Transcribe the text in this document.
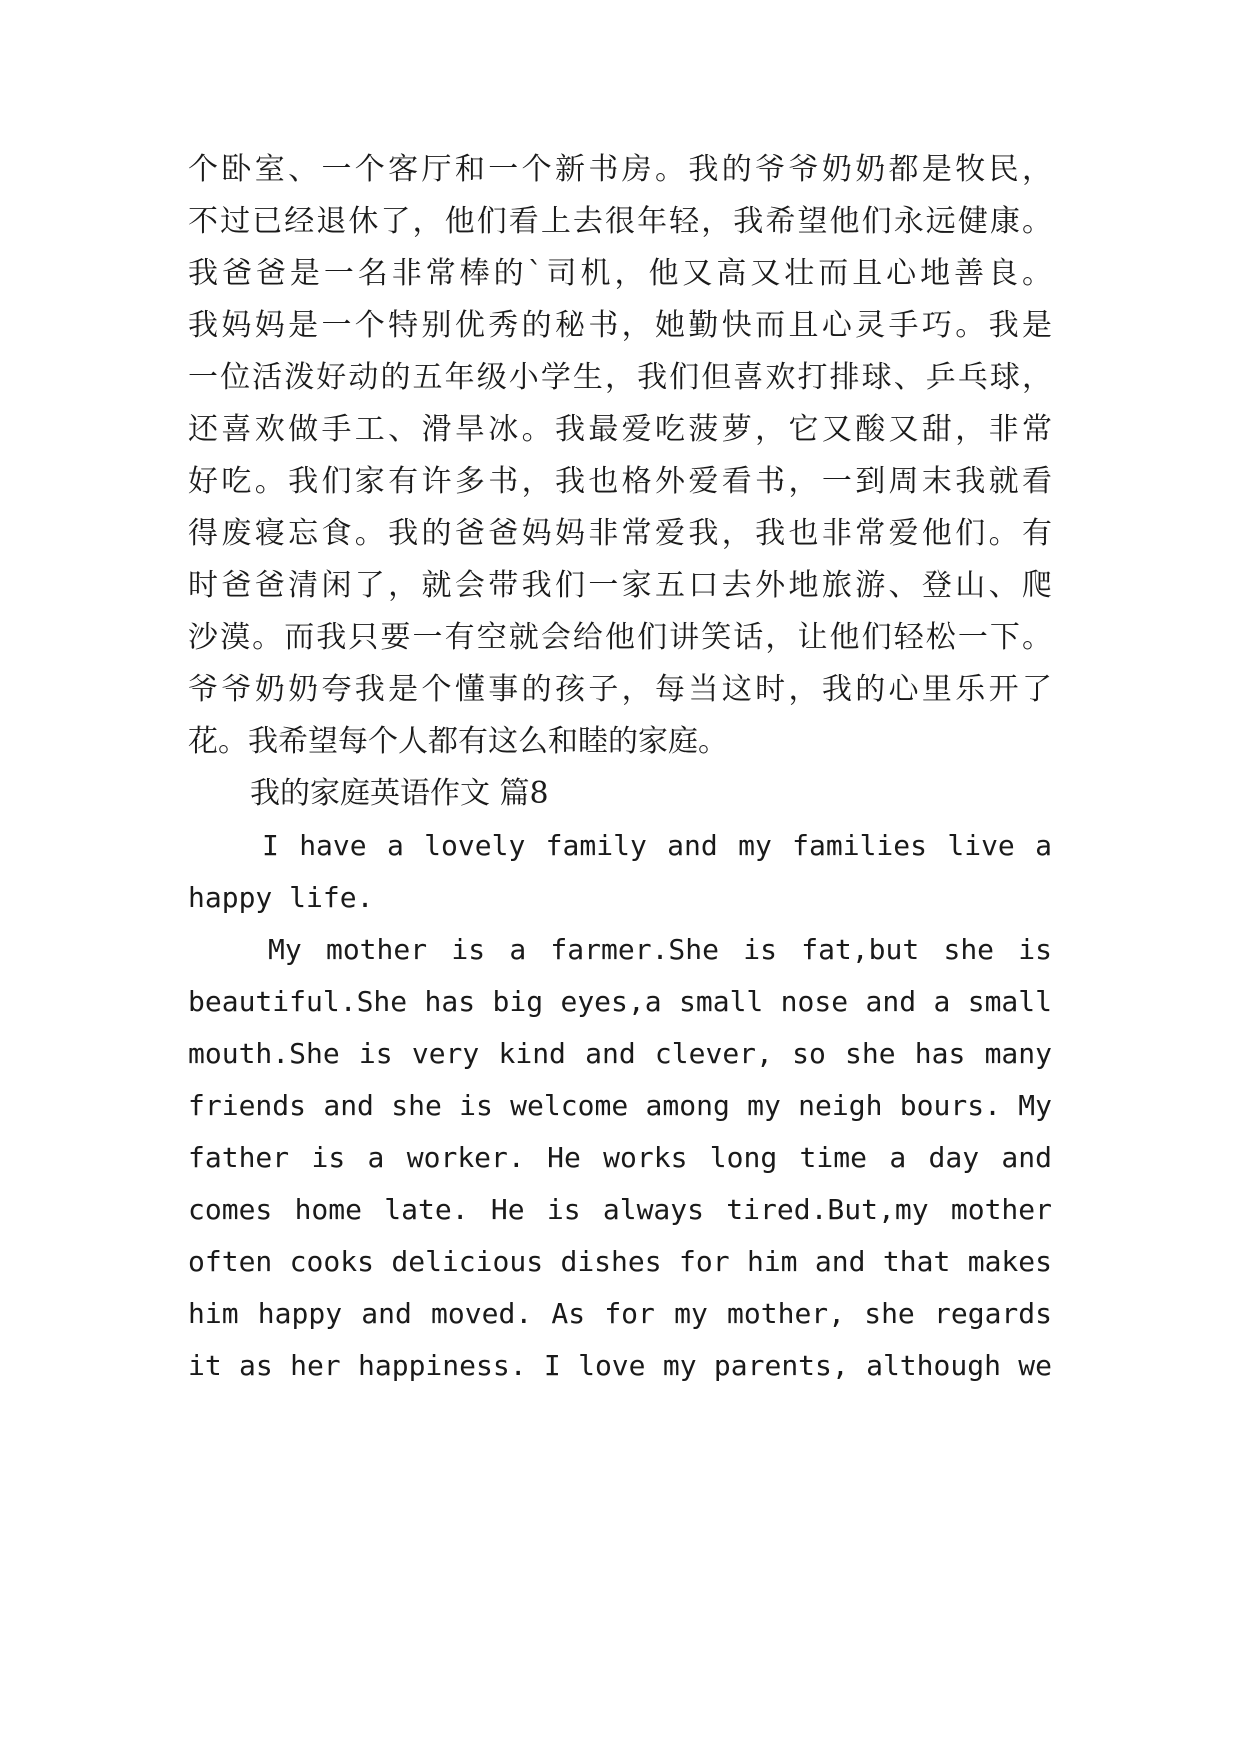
个卧室、一个客厅和一个新书房。我的爷爷奶奶都是牧民，
不过已经退休了，他们看上去很年轻，我希望他们永远健康。
我爸爸是一名非常棒的`司机，他又高又壮而且心地善良。
我妈妈是一个特别优秀的秘书，她勤快而且心灵手巧。我是
一位活泼好动的五年级小学生，我们但喜欢打排球、乒乓球，
还喜欢做手工、滑旱冰。我最爱吃菠萝，它又酸又甜，非常
好吃。我们家有许多书，我也格外爱看书，一到周末我就看
得废寝忘食。我的爸爸妈妈非常爱我，我也非常爱他们。有
时爸爸清闲了，就会带我们一家五口去外地旅游、登山、爬
沙漠。而我只要一有空就会给他们讲笑话，让他们轻松一下。
爷爷奶奶夸我是个懂事的孩子，每当这时，我的心里乐开了
花。我希望每个人都有这么和睦的家庭。
我的家庭英语作文 篇8
I have a lovely family and my families live a
happy life.
My mother is a farmer.She is fat,but she is
beautiful.She has big eyes,a small nose and a small
mouth.She is very kind and clever, so she has many
friends and she is welcome among my neigh bours. My
father is a worker. He works long time a day and
comes home late. He is always tired.But,my mother
often cooks delicious dishes for him and that makes
him happy and moved. As for my mother, she regards
it as her happiness. I love my parents, although we
